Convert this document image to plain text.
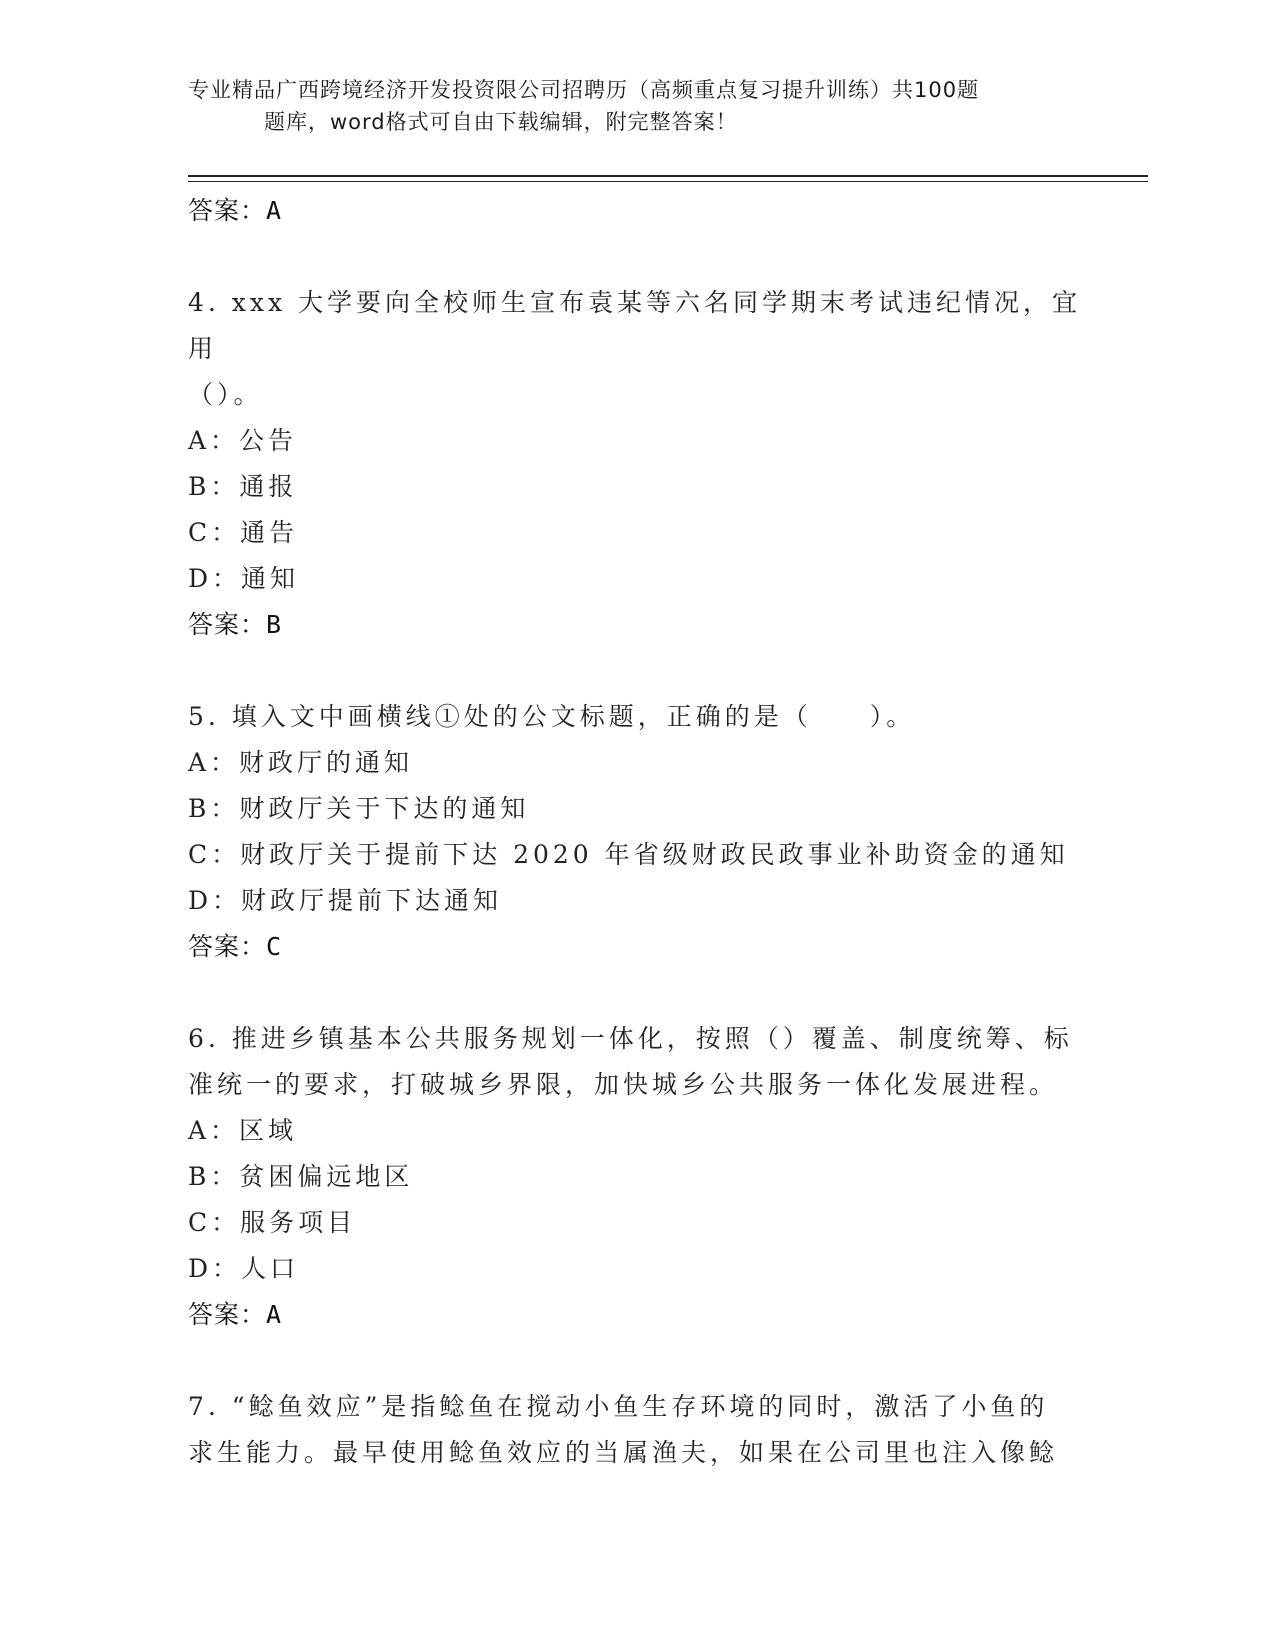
专业精品广西跨境经济开发投资限公司招聘历（高频重点复习提升训练）共100题
题库，word格式可自由下载编辑，附完整答案！
答案：A
4. xxx 大学要向全校师生宣布袁某等六名同学期末考试违纪情况，宜用
（）。
A：公告
B：通报
C：通告
D：通知
答案：B
5. 填入文中画横线①处的公文标题，正确的是（　　）。
A：财政厅的通知
B：财政厅关于下达的通知
C：财政厅关于提前下达 2020 年省级财政民政事业补助资金的通知
D：财政厅提前下达通知
答案：C
6. 推进乡镇基本公共服务规划一体化，按照（）覆盖、制度统筹、标
准统一的要求，打破城乡界限，加快城乡公共服务一体化发展进程。
A：区域
B：贫困偏远地区
C：服务项目
D：人口
答案：A
7. “鲶鱼效应”是指鲶鱼在搅动小鱼生存环境的同时，激活了小鱼的
求生能力。最早使用鲶鱼效应的当属渔夫，如果在公司里也注入像鲶
